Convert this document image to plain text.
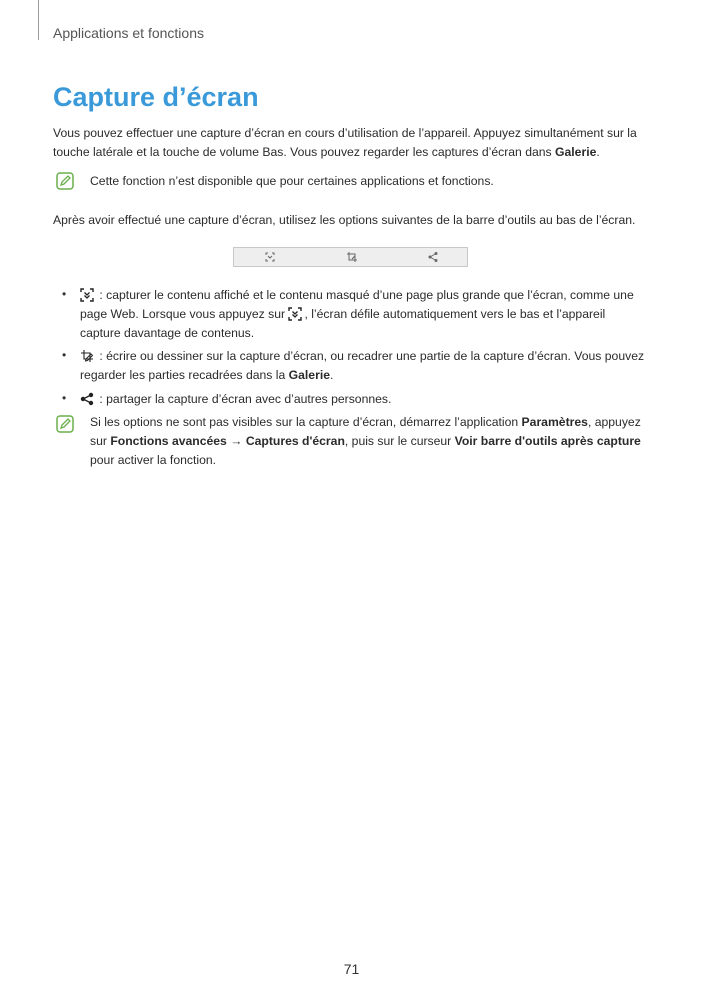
Applications et fonctions
Capture d’écran
Vous pouvez effectuer une capture d’écran en cours d’utilisation de l’appareil. Appuyez simultanément sur la touche latérale et la touche de volume Bas. Vous pouvez regarder les captures d’écran dans Galerie.
Cette fonction n’est disponible que pour certaines applications et fonctions.
Après avoir effectué une capture d’écran, utilisez les options suivantes de la barre d’outils au bas de l’écran.
•	: capturer le contenu affiché et le contenu masqué d’une page plus grande que l’écran, comme une page Web. Lorsque vous appuyez sur , l’écran défile automatiquement vers le bas et l’appareil capture davantage de contenus.
•	: écrire ou dessiner sur la capture d’écran, ou recadrer une partie de la capture d’écran. Vous pouvez regarder les parties recadrées dans la Galerie.
•	: partager la capture d’écran avec d’autres personnes.
Si les options ne sont pas visibles sur la capture d’écran, démarrez l’application Paramètres, appuyez sur Fonctions avancées → Captures d'écran, puis sur le curseur Voir barre d'outils après capture pour activer la fonction.
71
